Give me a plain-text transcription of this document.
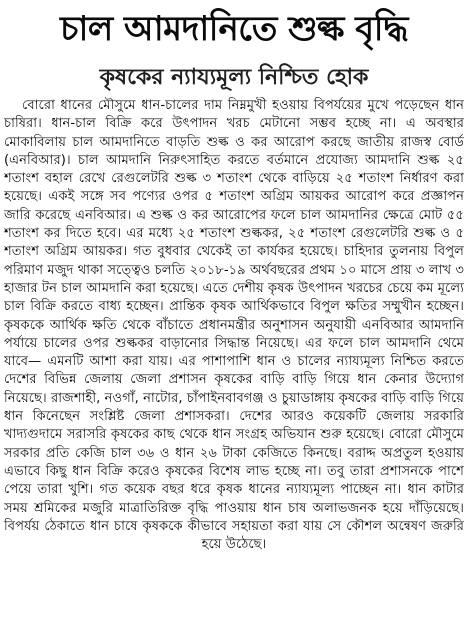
চাল আমদানিতে শুল্ক বৃদ্ধি
কৃষকের ন্যায্যমূল্য নিশ্চিত হোক

বোরো ধানের মৌসুমে ধান-চালের দাম নিম্নমুখী হওয়ায় বিপর্যয়ের মুখে পড়েছেন ধান চাষিরা। ধান-চাল বিক্রি করে উৎপাদন খরচ মেটানো সম্ভব হচ্ছে না। এ অবস্থার মোকাবিলায় চাল আমদানিতে বাড়তি শুল্ক ও কর আরোপ করছে জাতীয় রাজস্ব বোর্ড (এনবিআর)। চাল আমদানি নিরুৎসাহিত করতে বর্তমানে প্রযোজ্য আমদানি শুল্ক ২৫ শতাংশ বহাল রেখে রেগুলেটরি শুল্ক ৩ শতাংশ থেকে বাড়িয়ে ২৫ শতাংশ নির্ধারণ করা হয়েছে। একই সঙ্গে সব পণ্যের ওপর ৫ শতাংশ অগ্রিম আয়কর আরোপ করে প্রজ্ঞাপন জারি করেছে এনবিআর। এ শুল্ক ও কর আরোপের ফলে চাল আমদানির ক্ষেত্রে মোট ৫৫ শতাংশ কর দিতে হবে। এর মধ্যে ২৫ শতাংশ শুল্ককর, ২৫ শতাংশ রেগুলেটরি শুল্ক ও ৫ শতাংশ অগ্রিম আয়কর। গত বুধবার থেকেই তা কার্যকর হয়েছে। চাহিদার তুলনায় বিপুল পরিমাণ মজুদ থাকা সত্ত্বেও চলতি ২০১৮-১৯ অর্থবছরের প্রথম ১০ মাসে প্রায় ৩ লাখ ৩ হাজার টন চাল আমদানি করা হয়েছে। এতে দেশীয় কৃষক উৎপাদন খরচের চেয়ে কম মূল্যে চাল বিক্রি করতে বাধ্য হচ্ছেন। প্রান্তিক কৃষক আর্থিকভাবে বিপুল ক্ষতির সম্মুখীন হচ্ছেন। কৃষককে আর্থিক ক্ষতি থেকে বাঁচাতে প্রধানমন্ত্রীর অনুশাসন অনুযায়ী এনবিআর আমদানি পর্যায়ে চালের ওপর শুল্ককর বাড়ানোর সিদ্ধান্ত নিয়েছে। এর ফলে চাল আমদানি থেমে যাবে— এমনটি আশা করা যায়। এর পাশাপাশি ধান ও চালের ন্যায্যমূল্য নিশ্চিত করতে দেশের বিভিন্ন জেলায় জেলা প্রশাসন কৃষকের বাড়ি বাড়ি গিয়ে ধান কেনার উদ্যোগ নিয়েছে। রাজশাহী, নওগাঁ, নাটোর, চাঁপাইনবাবগঞ্জ ও চুয়াডাঙ্গায় কৃষকের বাড়ি বাড়ি গিয়ে ধান কিনেছেন সংশ্লিষ্ট জেলা প্রশাসকরা। দেশের আরও কয়েকটি জেলায় সরকারি খাদ্যগুদামে সরাসরি কৃষকের কাছ থেকে ধান সংগ্রহ অভিযান শুরু হয়েছে। বোরো মৌসুমে সরকার প্রতি কেজি চাল ৩৬ ও ধান ২৬ টাকা কেজিতে কিনছে। বরাদ্দ অপ্রতুল হওয়ায় এভাবে কিছু ধান বিক্রি করেও কৃষকের বিশেষ লাভ হচ্ছে না। তবু তারা প্রশাসনকে পাশে পেয়ে তারা খুশি। গত কয়েক বছর ধরে কৃষক ধানের ন্যায্যমূল্য পাচ্ছেন না। ধান কাটার সময় শ্রমিকের মজুরি মাত্রাতিরিক্ত বৃদ্ধি পাওয়ায় ধান চাষ অলাভজনক হয়ে দাঁড়িয়েছে। বিপর্যয় ঠেকাতে ধান চাষে কৃষককে কীভাবে সহায়তা করা যায় সে কৌশল অন্বেষণ জরুরি হয়ে উঠেছে।
